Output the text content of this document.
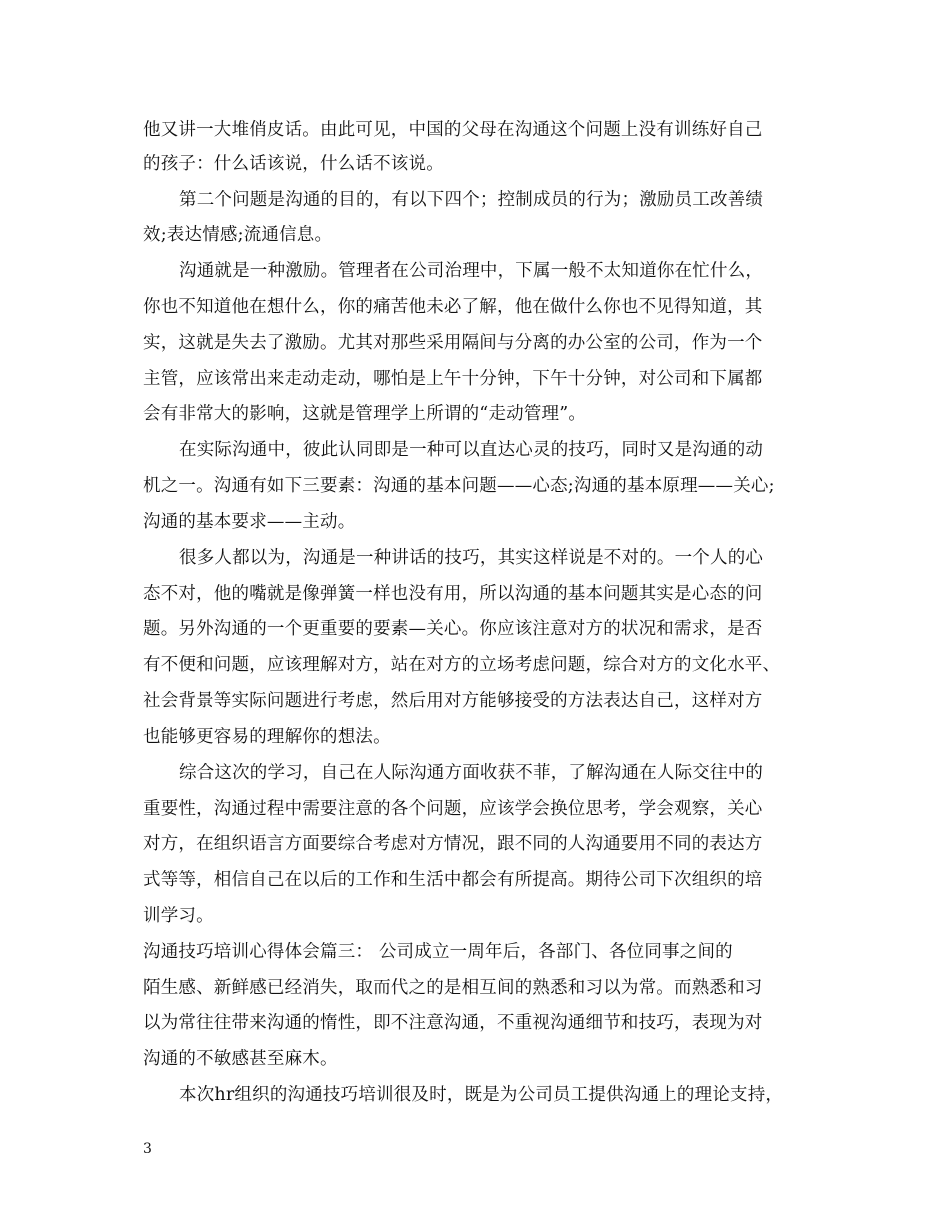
他又讲一大堆俏皮话。由此可见，中国的父母在沟通这个问题上没有训练好自己
的孩子：什么话该说，什么话不该说。
第二个问题是沟通的目的，有以下四个；控制成员的行为；激励员工改善绩
效;表达情感;流通信息。
沟通就是一种激励。管理者在公司治理中，下属一般不太知道你在忙什么，
你也不知道他在想什么，你的痛苦他未必了解，他在做什么你也不见得知道，其
实，这就是失去了激励。尤其对那些采用隔间与分离的办公室的公司，作为一个
主管，应该常出来走动走动，哪怕是上午十分钟，下午十分钟，对公司和下属都
会有非常大的影响，这就是管理学上所谓的“走动管理”。
在实际沟通中，彼此认同即是一种可以直达心灵的技巧，同时又是沟通的动
机之一。沟通有如下三要素：沟通的基本问题——心态;沟通的基本原理——关心;
沟通的基本要求——主动。
很多人都以为，沟通是一种讲话的技巧，其实这样说是不对的。一个人的心
态不对，他的嘴就是像弹簧一样也没有用，所以沟通的基本问题其实是心态的问
题。另外沟通的一个更重要的要素—关心。你应该注意对方的状况和需求，是否
有不便和问题，应该理解对方，站在对方的立场考虑问题，综合对方的文化水平、
社会背景等实际问题进行考虑，然后用对方能够接受的方法表达自己，这样对方
也能够更容易的理解你的想法。
综合这次的学习，自己在人际沟通方面收获不菲，了解沟通在人际交往中的
重要性，沟通过程中需要注意的各个问题，应该学会换位思考，学会观察，关心
对方，在组织语言方面要综合考虑对方情况，跟不同的人沟通要用不同的表达方
式等等，相信自己在以后的工作和生活中都会有所提高。期待公司下次组织的培
训学习。
沟通技巧培训心得体会篇三： 公司成立一周年后，各部门、各位同事之间的
陌生感、新鲜感已经消失，取而代之的是相互间的熟悉和习以为常。而熟悉和习
以为常往往带来沟通的惰性，即不注意沟通，不重视沟通细节和技巧，表现为对
沟通的不敏感甚至麻木。
本次hr组织的沟通技巧培训很及时，既是为公司员工提供沟通上的理论支持，
3
